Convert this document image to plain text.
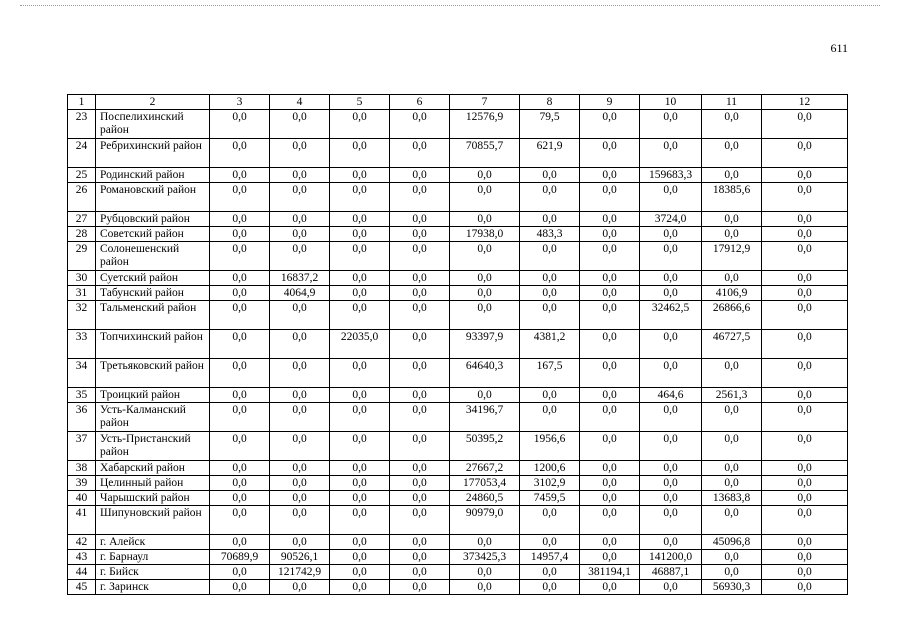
611
1	2	3	4	5	6	7	8	9	10	11	12
23	Поспелихинский район	0,0	0,0	0,0	0,0	12576,9	79,5	0,0	0,0	0,0	0,0
24	Ребрихинский район	0,0	0,0	0,0	0,0	70855,7	621,9	0,0	0,0	0,0	0,0
25	Родинский район	0,0	0,0	0,0	0,0	0,0	0,0	0,0	159683,3	0,0	0,0
26	Романовский район	0,0	0,0	0,0	0,0	0,0	0,0	0,0	0,0	18385,6	0,0
27	Рубцовский район	0,0	0,0	0,0	0,0	0,0	0,0	0,0	3724,0	0,0	0,0
28	Советский район	0,0	0,0	0,0	0,0	17938,0	483,3	0,0	0,0	0,0	0,0
29	Солонешенский район	0,0	0,0	0,0	0,0	0,0	0,0	0,0	0,0	17912,9	0,0
30	Суетский район	0,0	16837,2	0,0	0,0	0,0	0,0	0,0	0,0	0,0	0,0
31	Табунский район	0,0	4064,9	0,0	0,0	0,0	0,0	0,0	0,0	4106,9	0,0
32	Тальменский район	0,0	0,0	0,0	0,0	0,0	0,0	0,0	32462,5	26866,6	0,0
33	Топчихинский район	0,0	0,0	22035,0	0,0	93397,9	4381,2	0,0	0,0	46727,5	0,0
34	Третьяковский район	0,0	0,0	0,0	0,0	64640,3	167,5	0,0	0,0	0,0	0,0
35	Троицкий район	0,0	0,0	0,0	0,0	0,0	0,0	0,0	464,6	2561,3	0,0
36	Усть-Калманский район	0,0	0,0	0,0	0,0	34196,7	0,0	0,0	0,0	0,0	0,0
37	Усть-Пристанский район	0,0	0,0	0,0	0,0	50395,2	1956,6	0,0	0,0	0,0	0,0
38	Хабарский район	0,0	0,0	0,0	0,0	27667,2	1200,6	0,0	0,0	0,0	0,0
39	Целинный район	0,0	0,0	0,0	0,0	177053,4	3102,9	0,0	0,0	0,0	0,0
40	Чарышский район	0,0	0,0	0,0	0,0	24860,5	7459,5	0,0	0,0	13683,8	0,0
41	Шипуновский район	0,0	0,0	0,0	0,0	90979,0	0,0	0,0	0,0	0,0	0,0
42	г. Алейск	0,0	0,0	0,0	0,0	0,0	0,0	0,0	0,0	45096,8	0,0
43	г. Барнаул	70689,9	90526,1	0,0	0,0	373425,3	14957,4	0,0	141200,0	0,0	0,0
44	г. Бийск	0,0	121742,9	0,0	0,0	0,0	0,0	381194,1	46887,1	0,0	0,0
45	г. Заринск	0,0	0,0	0,0	0,0	0,0	0,0	0,0	0,0	56930,3	0,0
